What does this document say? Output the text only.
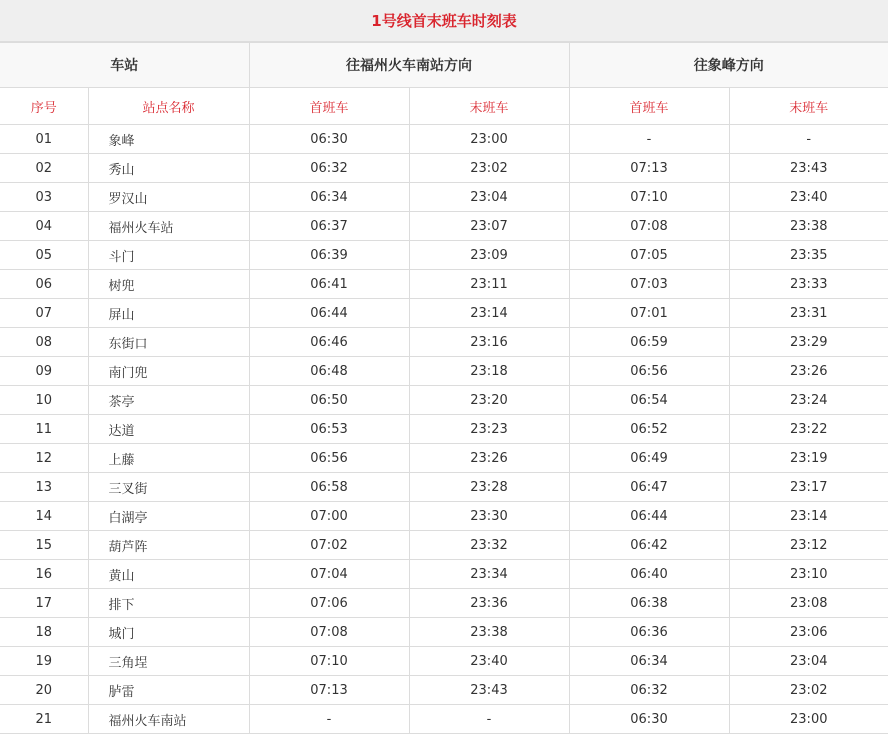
1号线首末班车时刻表
车站		往福州火车南站方向		往象峰方向	
序号	站点名称	首班车	末班车	首班车	末班车
01	象峰	06:30	23:00	-	-
02	秀山	06:32	23:02	07:13	23:43
03	罗汉山	06:34	23:04	07:10	23:40
04	福州火车站	06:37	23:07	07:08	23:38
05	斗门	06:39	23:09	07:05	23:35
06	树兜	06:41	23:11	07:03	23:33
07	屏山	06:44	23:14	07:01	23:31
08	东街口	06:46	23:16	06:59	23:29
09	南门兜	06:48	23:18	06:56	23:26
10	茶亭	06:50	23:20	06:54	23:24
11	达道	06:53	23:23	06:52	23:22
12	上藤	06:56	23:26	06:49	23:19
13	三叉街	06:58	23:28	06:47	23:17
14	白湖亭	07:00	23:30	06:44	23:14
15	葫芦阵	07:02	23:32	06:42	23:12
16	黄山	07:04	23:34	06:40	23:10
17	排下	07:06	23:36	06:38	23:08
18	城门	07:08	23:38	06:36	23:06
19	三角埕	07:10	23:40	06:34	23:04
20	胪雷	07:13	23:43	06:32	23:02
21	福州火车南站	-	-	06:30	23:00
